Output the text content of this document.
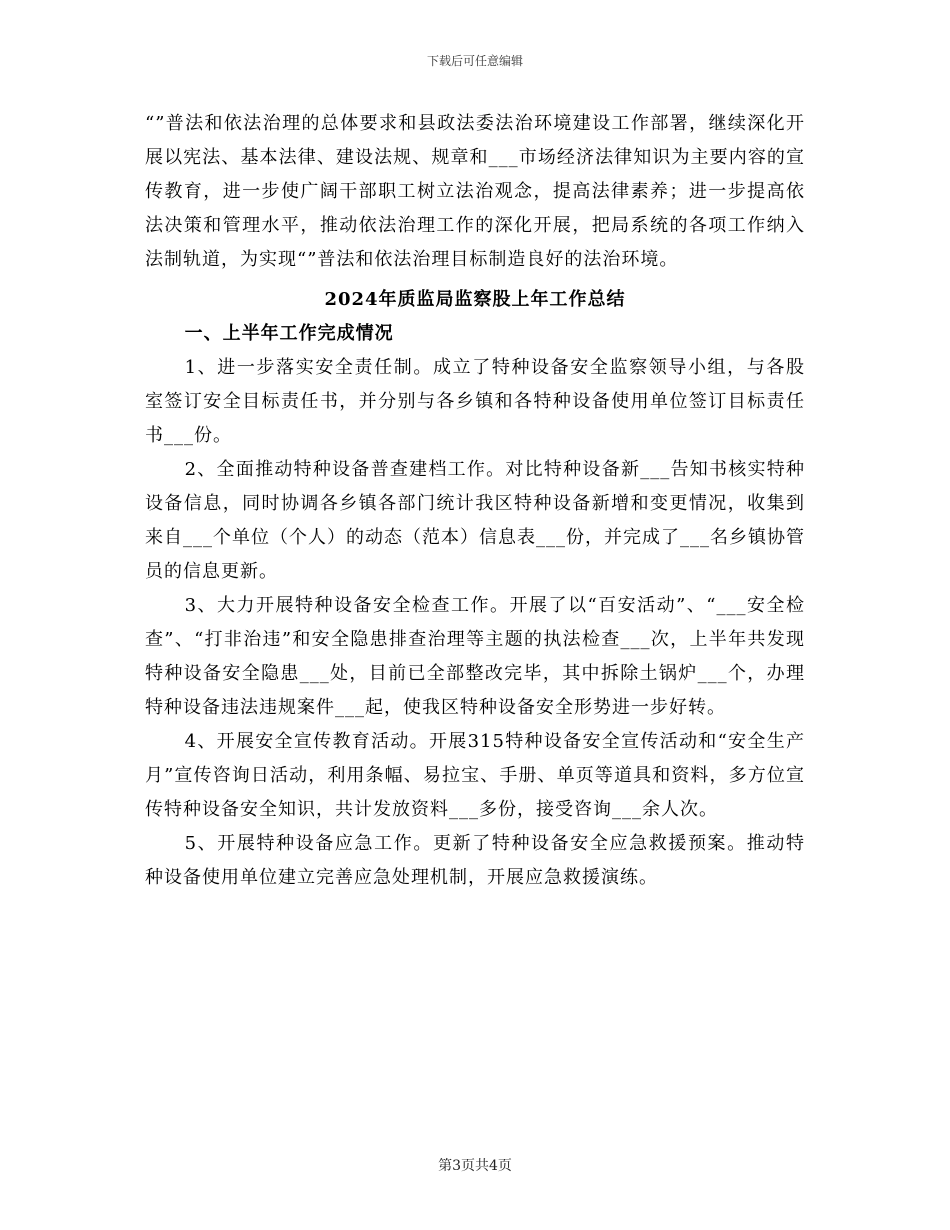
下载后可任意编辑

“”普法和依法治理的总体要求和县政法委法治环境建设工作部署，继续深化开展以宪法、基本法律、建设法规、规章和___市场经济法律知识为主要内容的宣传教育，进一步使广阔干部职工树立法治观念，提高法律素养；进一步提高依法决策和管理水平，推动依法治理工作的深化开展，把局系统的各项工作纳入法制轨道，为实现“”普法和依法治理目标制造良好的法治环境。

2024年质监局监察股上年工作总结
一、上半年工作完成情况

1、进一步落实安全责任制。成立了特种设备安全监察领导小组，与各股室签订安全目标责任书，并分别与各乡镇和各特种设备使用单位签订目标责任书___份。

2、全面推动特种设备普查建档工作。对比特种设备新___告知书核实特种设备信息，同时协调各乡镇各部门统计我区特种设备新增和变更情况，收集到来自___个单位（个人）的动态（范本）信息表___份，并完成了___名乡镇协管员的信息更新。

3、大力开展特种设备安全检查工作。开展了以“百安活动”、“___安全检查”、“打非治违”和安全隐患排查治理等主题的执法检查___次，上半年共发现特种设备安全隐患___处，目前已全部整改完毕，其中拆除土锅炉___个，办理特种设备违法违规案件___起，使我区特种设备安全形势进一步好转。

4、开展安全宣传教育活动。开展315特种设备安全宣传活动和“安全生产月”宣传咨询日活动，利用条幅、易拉宝、手册、单页等道具和资料，多方位宣传特种设备安全知识，共计发放资料___多份，接受咨询___余人次。

5、开展特种设备应急工作。更新了特种设备安全应急救援预案。推动特种设备使用单位建立完善应急处理机制，开展应急救援演练。

第3页共4页
